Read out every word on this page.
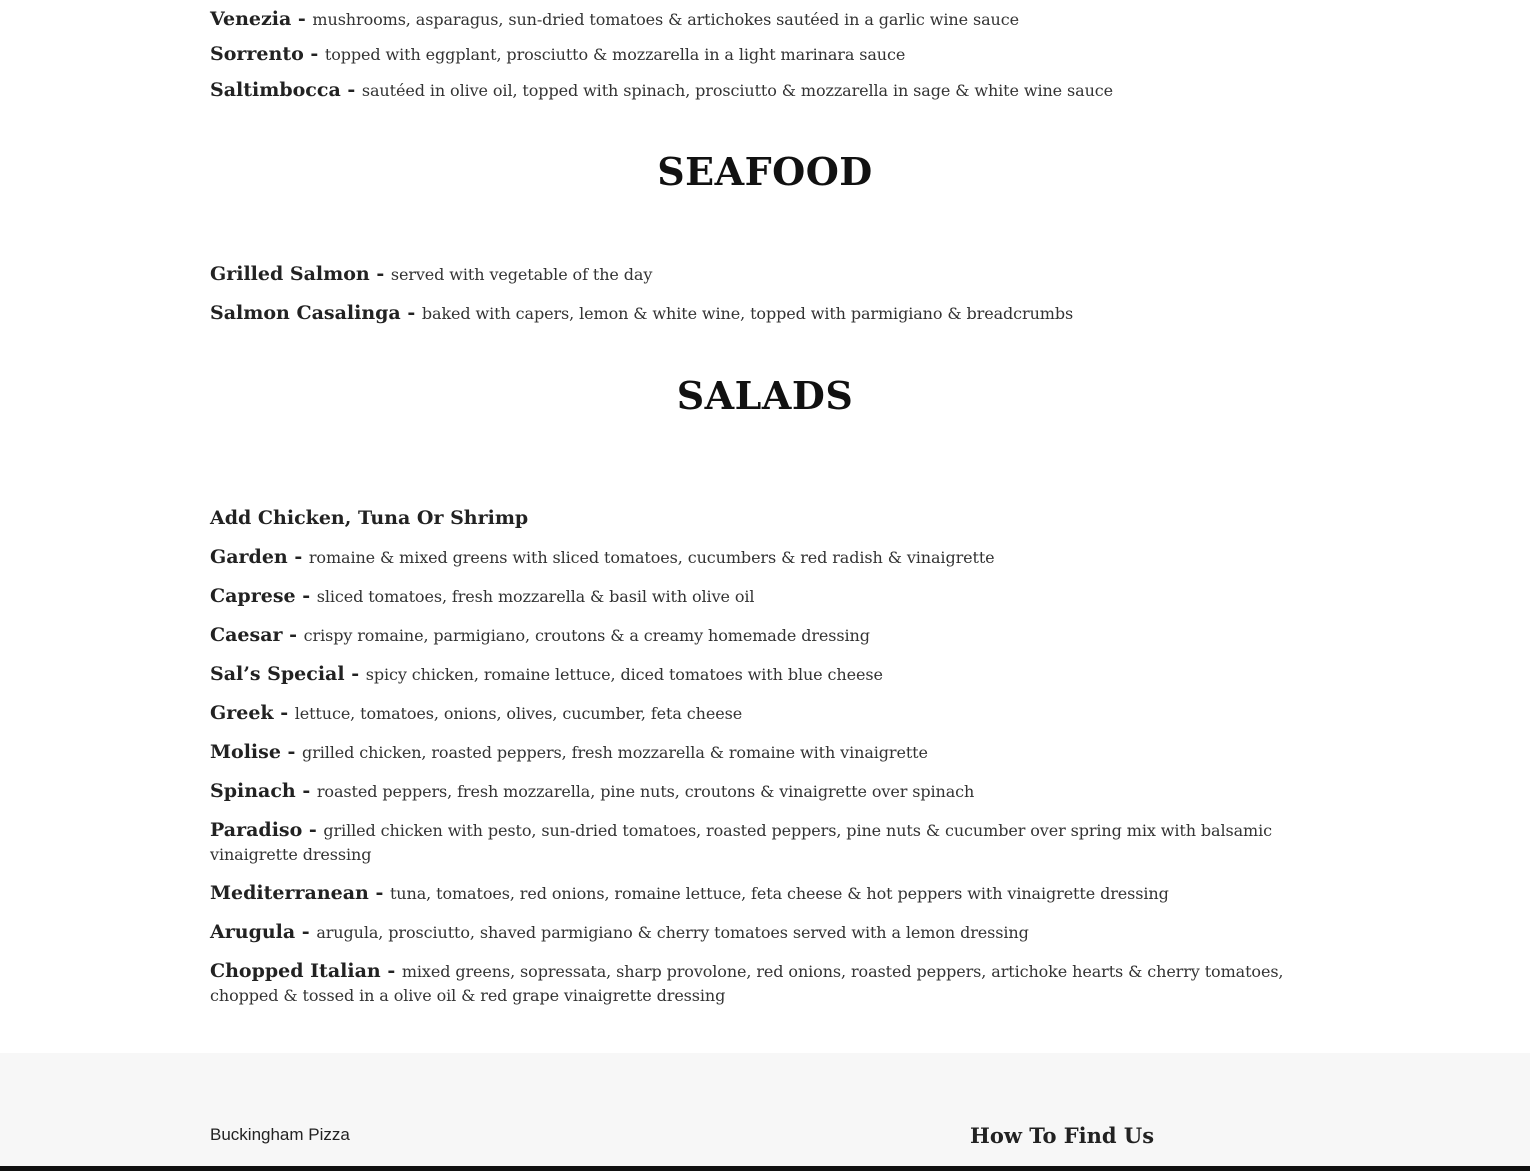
Venezia - mushrooms, asparagus, sun-dried tomatoes & artichokes sautéed in a garlic wine sauce
Sorrento - topped with eggplant, prosciutto & mozzarella in a light marinara sauce
Saltimbocca - sautéed in olive oil, topped with spinach, prosciutto & mozzarella in sage & white wine sauce
SEAFOOD
Grilled Salmon - served with vegetable of the day
Salmon Casalinga - baked with capers, lemon & white wine, topped with parmigiano & breadcrumbs
SALADS
Add Chicken, Tuna Or Shrimp
Garden - romaine & mixed greens with sliced tomatoes, cucumbers & red radish & vinaigrette
Caprese - sliced tomatoes, fresh mozzarella & basil with olive oil
Caesar - crispy romaine, parmigiano, croutons & a creamy homemade dressing
Sal’s Special - spicy chicken, romaine lettuce, diced tomatoes with blue cheese
Greek - lettuce, tomatoes, onions, olives, cucumber, feta cheese
Molise - grilled chicken, roasted peppers, fresh mozzarella & romaine with vinaigrette
Spinach - roasted peppers, fresh mozzarella, pine nuts, croutons & vinaigrette over spinach
Paradiso - grilled chicken with pesto, sun-dried tomatoes, roasted peppers, pine nuts & cucumber over spring mix with balsamic vinaigrette dressing
Mediterranean - tuna, tomatoes, red onions, romaine lettuce, feta cheese & hot peppers with vinaigrette dressing
Arugula - arugula, prosciutto, shaved parmigiano & cherry tomatoes served with a lemon dressing
Chopped Italian - mixed greens, sopressata, sharp provolone, red onions, roasted peppers, artichoke hearts & cherry tomatoes, chopped & tossed in a olive oil & red grape vinaigrette dressing
Buckingham Pizza	How To Find Us
